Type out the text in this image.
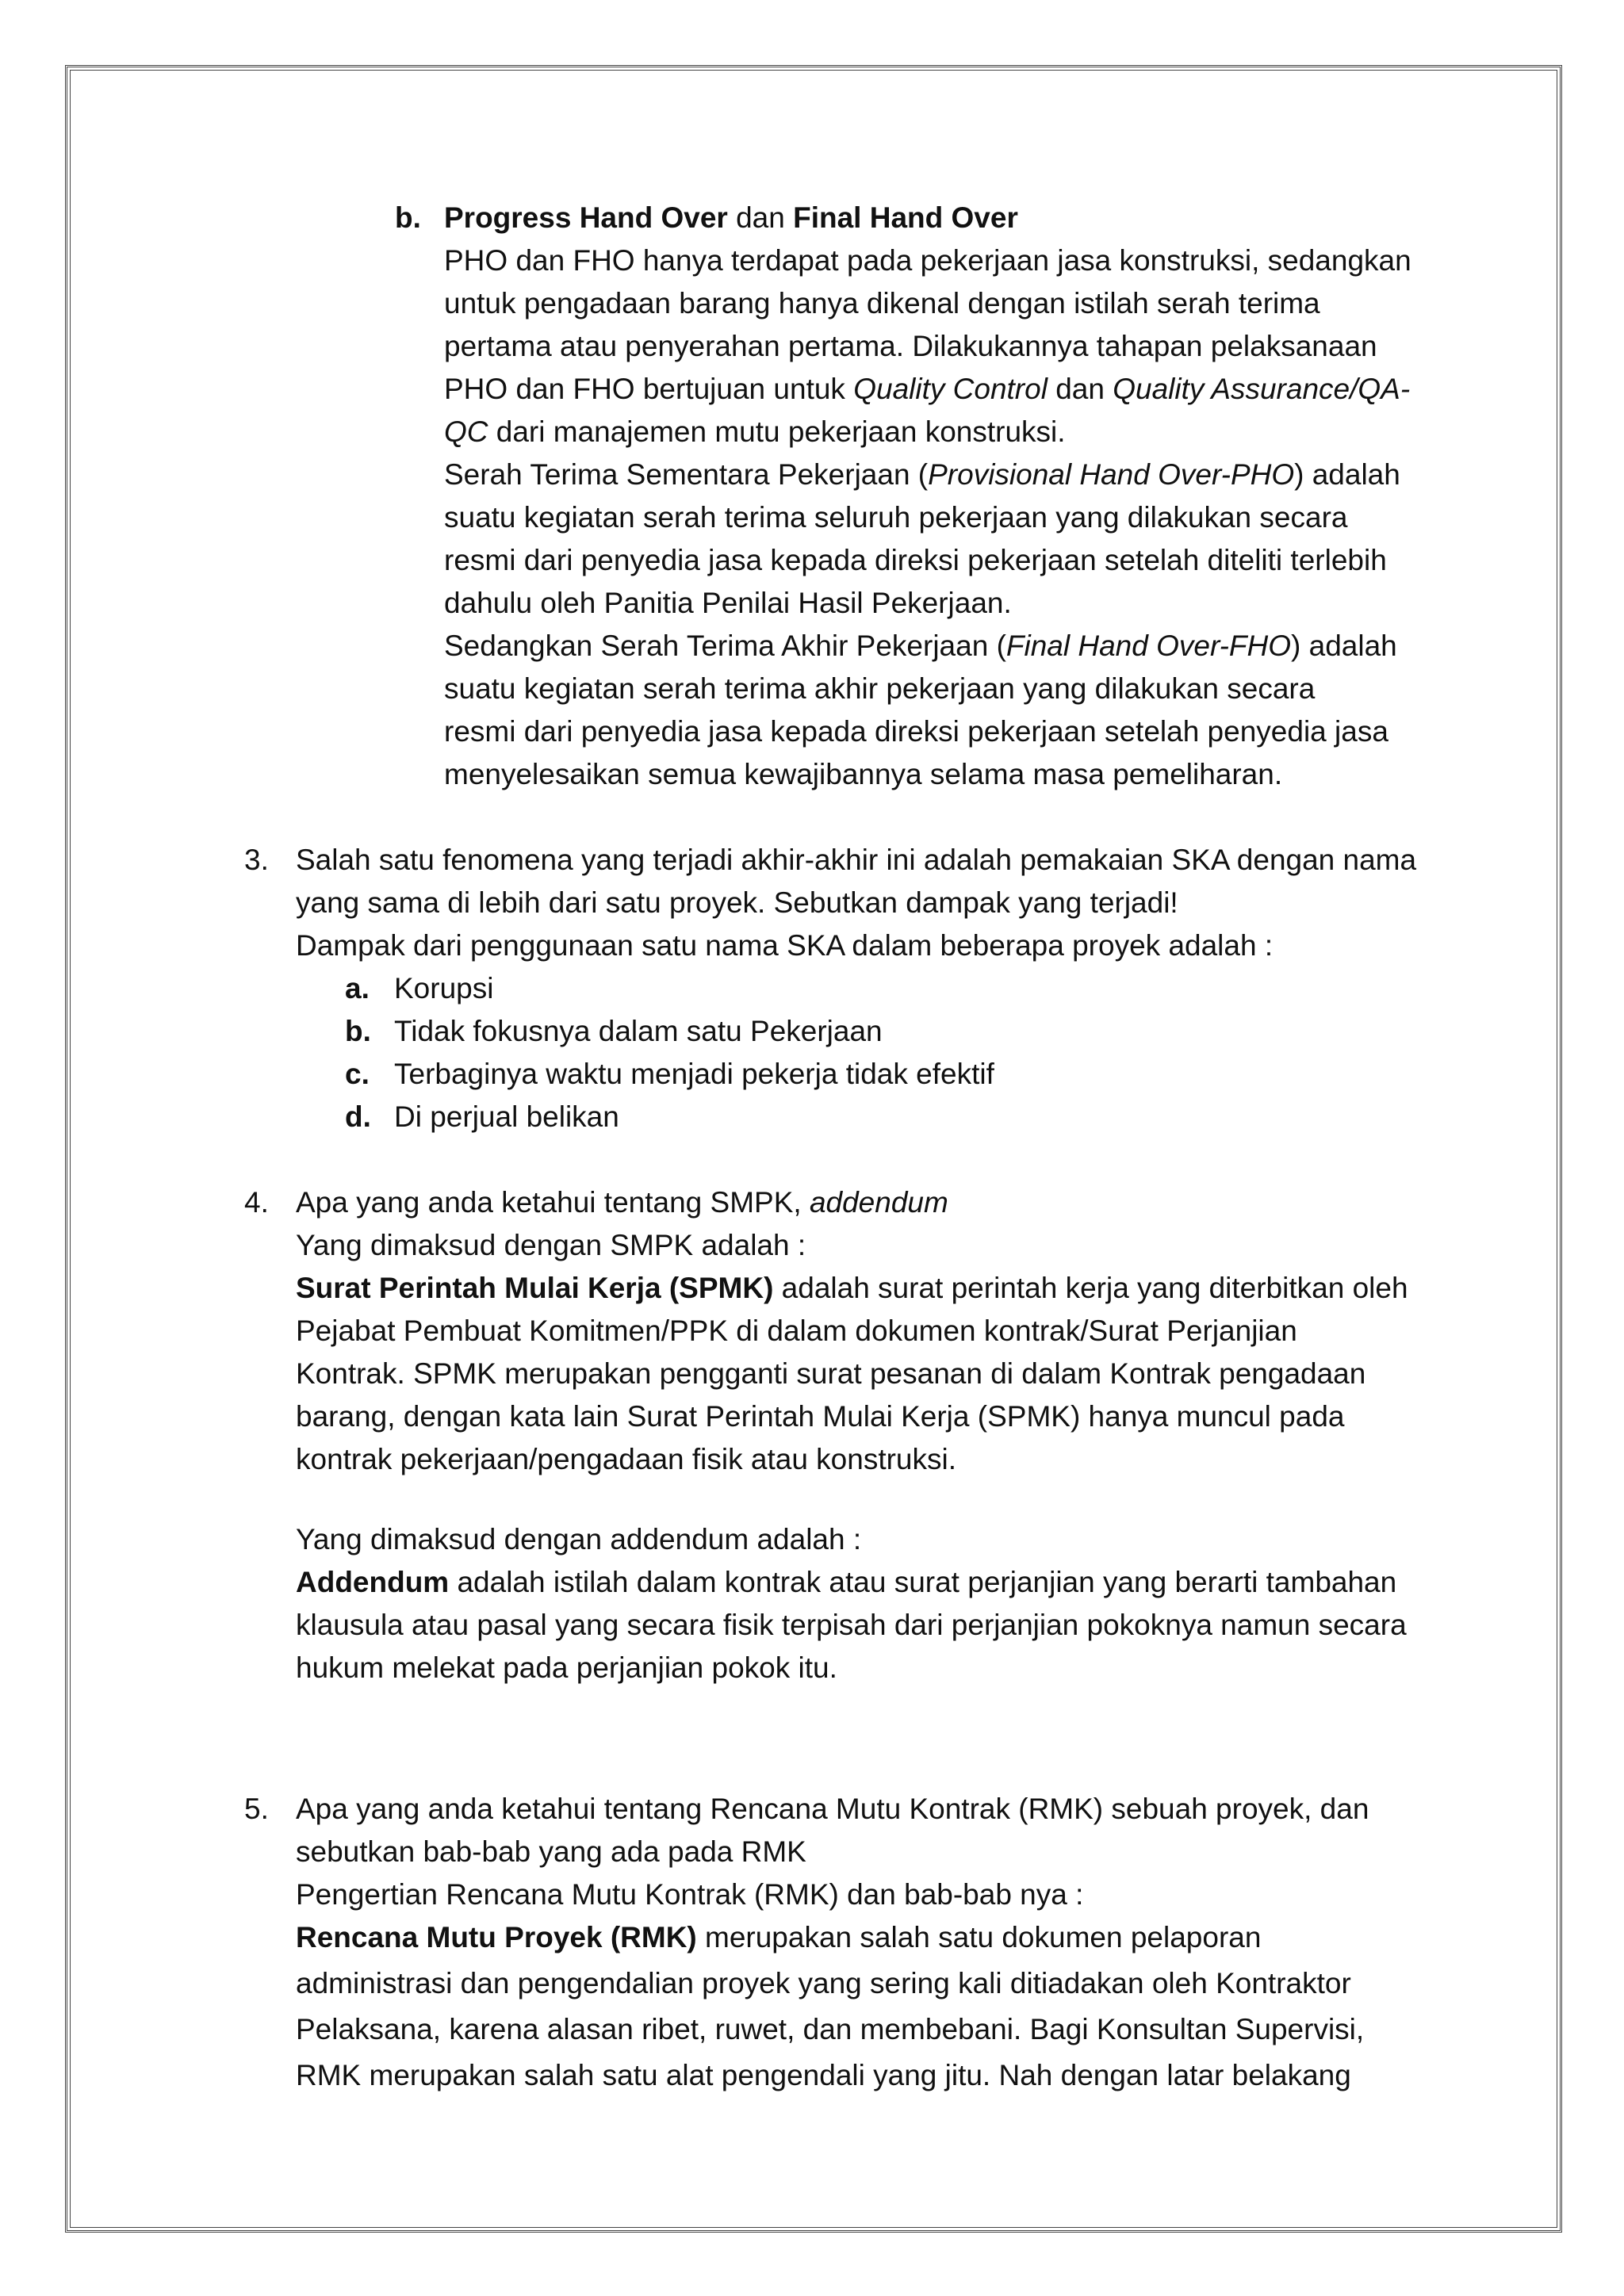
b. Progress Hand Over dan Final Hand Over
PHO dan FHO hanya terdapat pada pekerjaan jasa konstruksi, sedangkan
untuk pengadaan barang hanya dikenal dengan istilah serah terima
pertama atau penyerahan pertama. Dilakukannya tahapan pelaksanaan
PHO dan FHO bertujuan untuk Quality Control dan Quality Assurance/QA-
QC dari manajemen mutu pekerjaan konstruksi.
Serah Terima Sementara Pekerjaan (Provisional Hand Over-PHO) adalah
suatu kegiatan serah terima seluruh pekerjaan yang dilakukan secara
resmi dari penyedia jasa kepada direksi pekerjaan setelah diteliti terlebih
dahulu oleh Panitia Penilai Hasil Pekerjaan.
Sedangkan Serah Terima Akhir Pekerjaan (Final Hand Over-FHO) adalah
suatu kegiatan serah terima akhir pekerjaan yang dilakukan secara
resmi dari penyedia jasa kepada direksi pekerjaan setelah penyedia jasa
menyelesaikan semua kewajibannya selama masa pemeliharan.
3. Salah satu fenomena yang terjadi akhir-akhir ini adalah pemakaian SKA dengan nama
yang sama di lebih dari satu proyek. Sebutkan dampak yang terjadi!
Dampak dari penggunaan satu nama SKA dalam beberapa proyek adalah :
a. Korupsi
b. Tidak fokusnya dalam satu Pekerjaan
c. Terbaginya waktu menjadi pekerja tidak efektif
d. Di perjual belikan
4. Apa yang anda ketahui tentang SMPK, addendum
Yang dimaksud dengan SMPK adalah :
Surat Perintah Mulai Kerja (SPMK) adalah surat perintah kerja yang diterbitkan oleh
Pejabat Pembuat Komitmen/PPK di dalam dokumen kontrak/Surat Perjanjian
Kontrak. SPMK merupakan pengganti surat pesanan di dalam Kontrak pengadaan
barang, dengan kata lain Surat Perintah Mulai Kerja (SPMK) hanya muncul pada
kontrak pekerjaan/pengadaan fisik atau konstruksi.
Yang dimaksud dengan addendum adalah :
Addendum adalah istilah dalam kontrak atau surat perjanjian yang berarti tambahan
klausula atau pasal yang secara fisik terpisah dari perjanjian pokoknya namun secara
hukum melekat pada perjanjian pokok itu.
5. Apa yang anda ketahui tentang Rencana Mutu Kontrak (RMK) sebuah proyek, dan
sebutkan bab-bab yang ada pada RMK
Pengertian Rencana Mutu Kontrak (RMK) dan bab-bab nya :
Rencana Mutu Proyek (RMK) merupakan salah satu dokumen pelaporan
administrasi dan pengendalian proyek yang sering kali ditiadakan oleh Kontraktor
Pelaksana, karena alasan ribet, ruwet, dan membebani. Bagi Konsultan Supervisi,
RMK merupakan salah satu alat pengendali yang jitu. Nah dengan latar belakang
